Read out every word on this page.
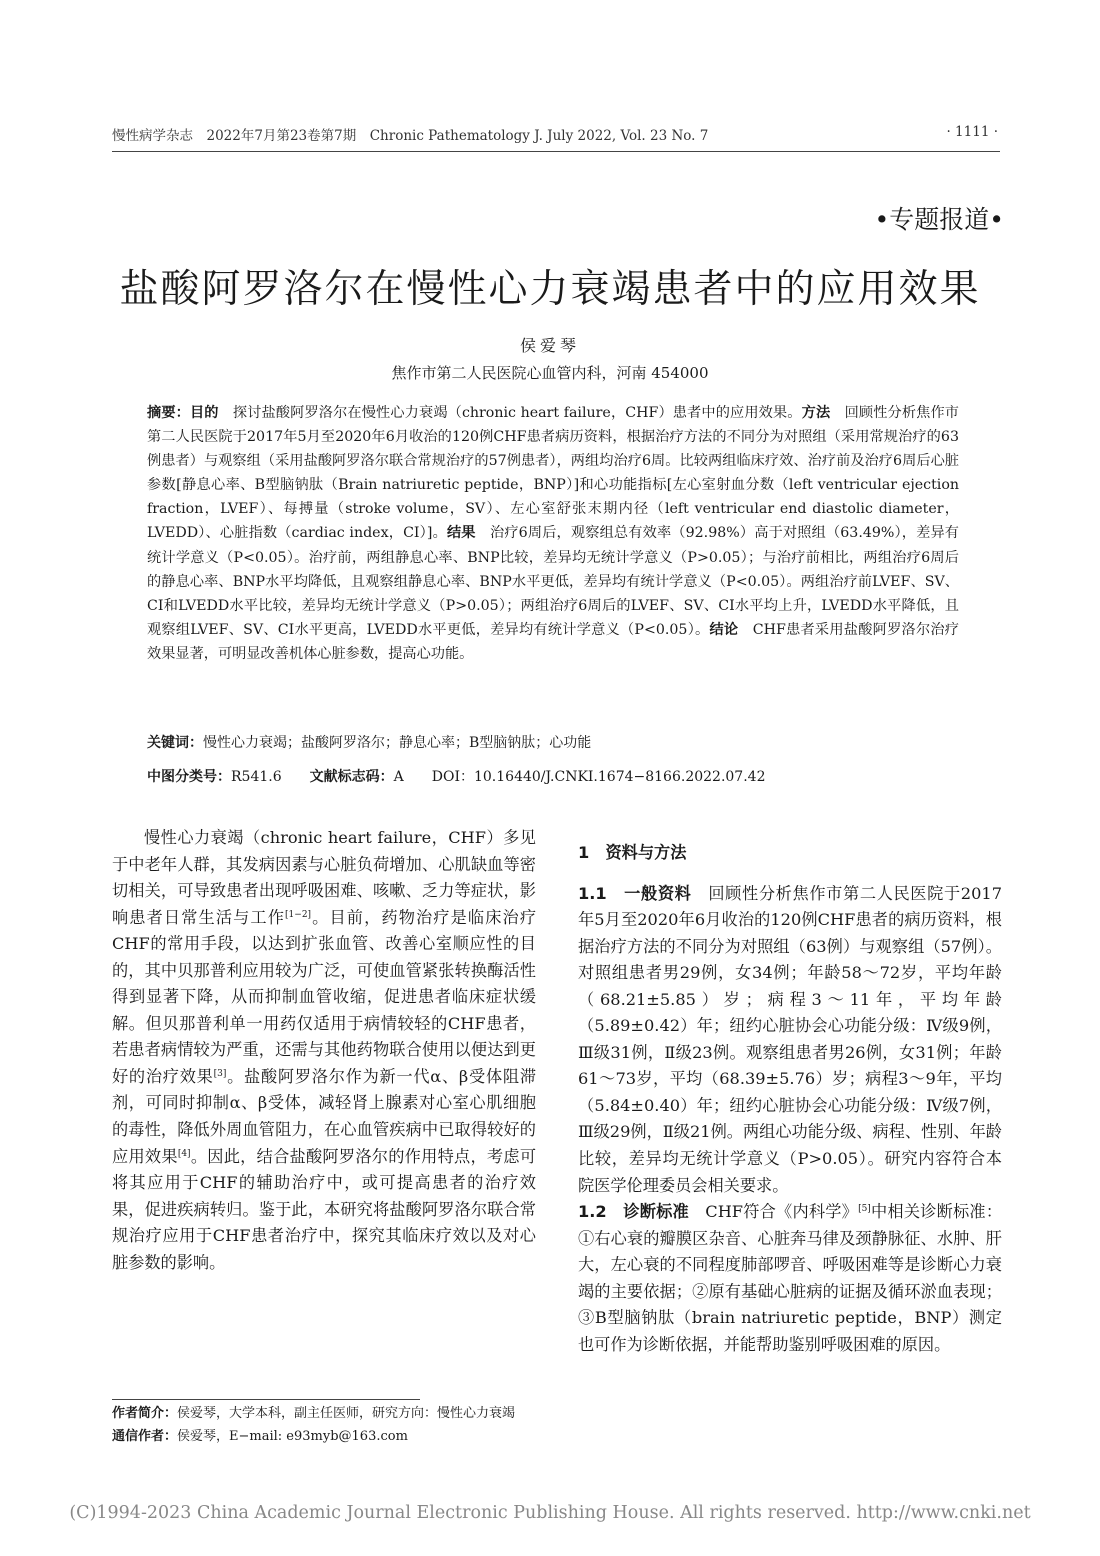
慢性病学杂志　2022年7月第23卷第7期　Chronic Pathematology J. July 2022, Vol. 23 No. 7	· 1111 ·
•专题报道•
盐酸阿罗洛尔在慢性心力衰竭患者中的应用效果
侯爱琴
焦作市第二人民医院心血管内科，河南 454000
摘要：目的　探讨盐酸阿罗洛尔在慢性心力衰竭（chronic heart failure，CHF）患者中的应用效果。方法　回顾性分析焦作市第二人民医院于2017年5月至2020年6月收治的120例CHF患者病历资料，根据治疗方法的不同分为对照组（采用常规治疗的63例患者）与观察组（采用盐酸阿罗洛尔联合常规治疗的57例患者），两组均治疗6周。比较两组临床疗效、治疗前及治疗6周后心脏参数[静息心率、B型脑钠肽（Brain natriuretic peptide，BNP）]和心功能指标[左心室射血分数（left ventricular ejection fraction，LVEF）、每搏量（stroke volume，SV）、左心室舒张末期内径（left ventricular end diastolic diameter，LVEDD）、心脏指数（cardiac index，CI）]。结果　治疗6周后，观察组总有效率（92.98%）高于对照组（63.49%），差异有统计学意义（P<0.05）。治疗前，两组静息心率、BNP比较，差异均无统计学意义（P>0.05）；与治疗前相比，两组治疗6周后的静息心率、BNP水平均降低，且观察组静息心率、BNP水平更低，差异均有统计学意义（P<0.05）。两组治疗前LVEF、SV、CI和LVEDD水平比较，差异均无统计学意义（P>0.05）；两组治疗6周后的LVEF、SV、CI水平均上升，LVEDD水平降低，且观察组LVEF、SV、CI水平更高，LVEDD水平更低，差异均有统计学意义（P<0.05）。结论　CHF患者采用盐酸阿罗洛尔治疗效果显著，可明显改善机体心脏参数，提高心功能。
关键词：慢性心力衰竭；盐酸阿罗洛尔；静息心率；B型脑钠肽；心功能
中图分类号：R541.6　　 文献标志码：A　　 DOI：10.16440/J.CNKI.1674−8166.2022.07.42

慢性心力衰竭（chronic heart failure，CHF）多见于中老年人群，其发病因素与心脏负荷增加、心肌缺血等密切相关，可导致患者出现呼吸困难、咳嗽、乏力等症状，影响患者日常生活与工作[1−2]。目前，药物治疗是临床治疗CHF的常用手段，以达到扩张血管、改善心室顺应性的目的，其中贝那普利应用较为广泛，可使血管紧张转换酶活性得到显著下降，从而抑制血管收缩，促进患者临床症状缓解。但贝那普利单一用药仅适用于病情较轻的CHF患者，若患者病情较为严重，还需与其他药物联合使用以便达到更好的治疗效果[3]。盐酸阿罗洛尔作为新一代α、β受体阻滞剂，可同时抑制α、β受体，减轻肾上腺素对心室心肌细胞的毒性，降低外周血管阻力，在心血管疾病中已取得较好的应用效果[4]。因此，结合盐酸阿罗洛尔的作用特点，考虑可将其应用于CHF的辅助治疗中，或可提高患者的治疗效果，促进疾病转归。鉴于此，本研究将盐酸阿罗洛尔联合常规治疗应用于CHF患者治疗中，探究其临床疗效以及对心脏参数的影响。

作者简介：侯爱琴，大学本科，副主任医师，研究方向：慢性心力衰竭

通信作者：侯爱琴，E−mail: e93myb@163.com

1　资料与方法

1.1　一般资料　回顾性分析焦作市第二人民医院于2017年5月至2020年6月收治的120例CHF患者的病历资料，根据治疗方法的不同分为对照组（63例）与观察组（57例）。对照组患者男29例，女34例；年龄58～72岁，平均年龄（68.21±5.85）岁；病程3～11年，平均年龄（5.89±0.42）年；纽约心脏协会心功能分级：Ⅳ级9例，Ⅲ级31例，Ⅱ级23例。观察组患者男26例，女31例；年龄61～73岁，平均（68.39±5.76）岁；病程3～9年，平均（5.84±0.40）年；纽约心脏协会心功能分级：Ⅳ级7例，Ⅲ级29例，Ⅱ级21例。两组心功能分级、病程、性别、年龄比较，差异均无统计学意义（P>0.05）。研究内容符合本院医学伦理委员会相关要求。

1.2　诊断标准　CHF符合《内科学》[5]中相关诊断标准：①右心衰的瓣膜区杂音、心脏奔马律及颈静脉征、水肿、肝大，左心衰的不同程度肺部啰音、呼吸困难等是诊断心力衰竭的主要依据；②原有基础心脏病的证据及循环淤血表现；③B型脑钠肽（brain natriuretic peptide，BNP）测定也可作为诊断依据，并能帮助鉴别呼吸困难的原因。

(C)1994-2023 China Academic Journal Electronic Publishing House. All rights reserved. http://www.cnki.net
